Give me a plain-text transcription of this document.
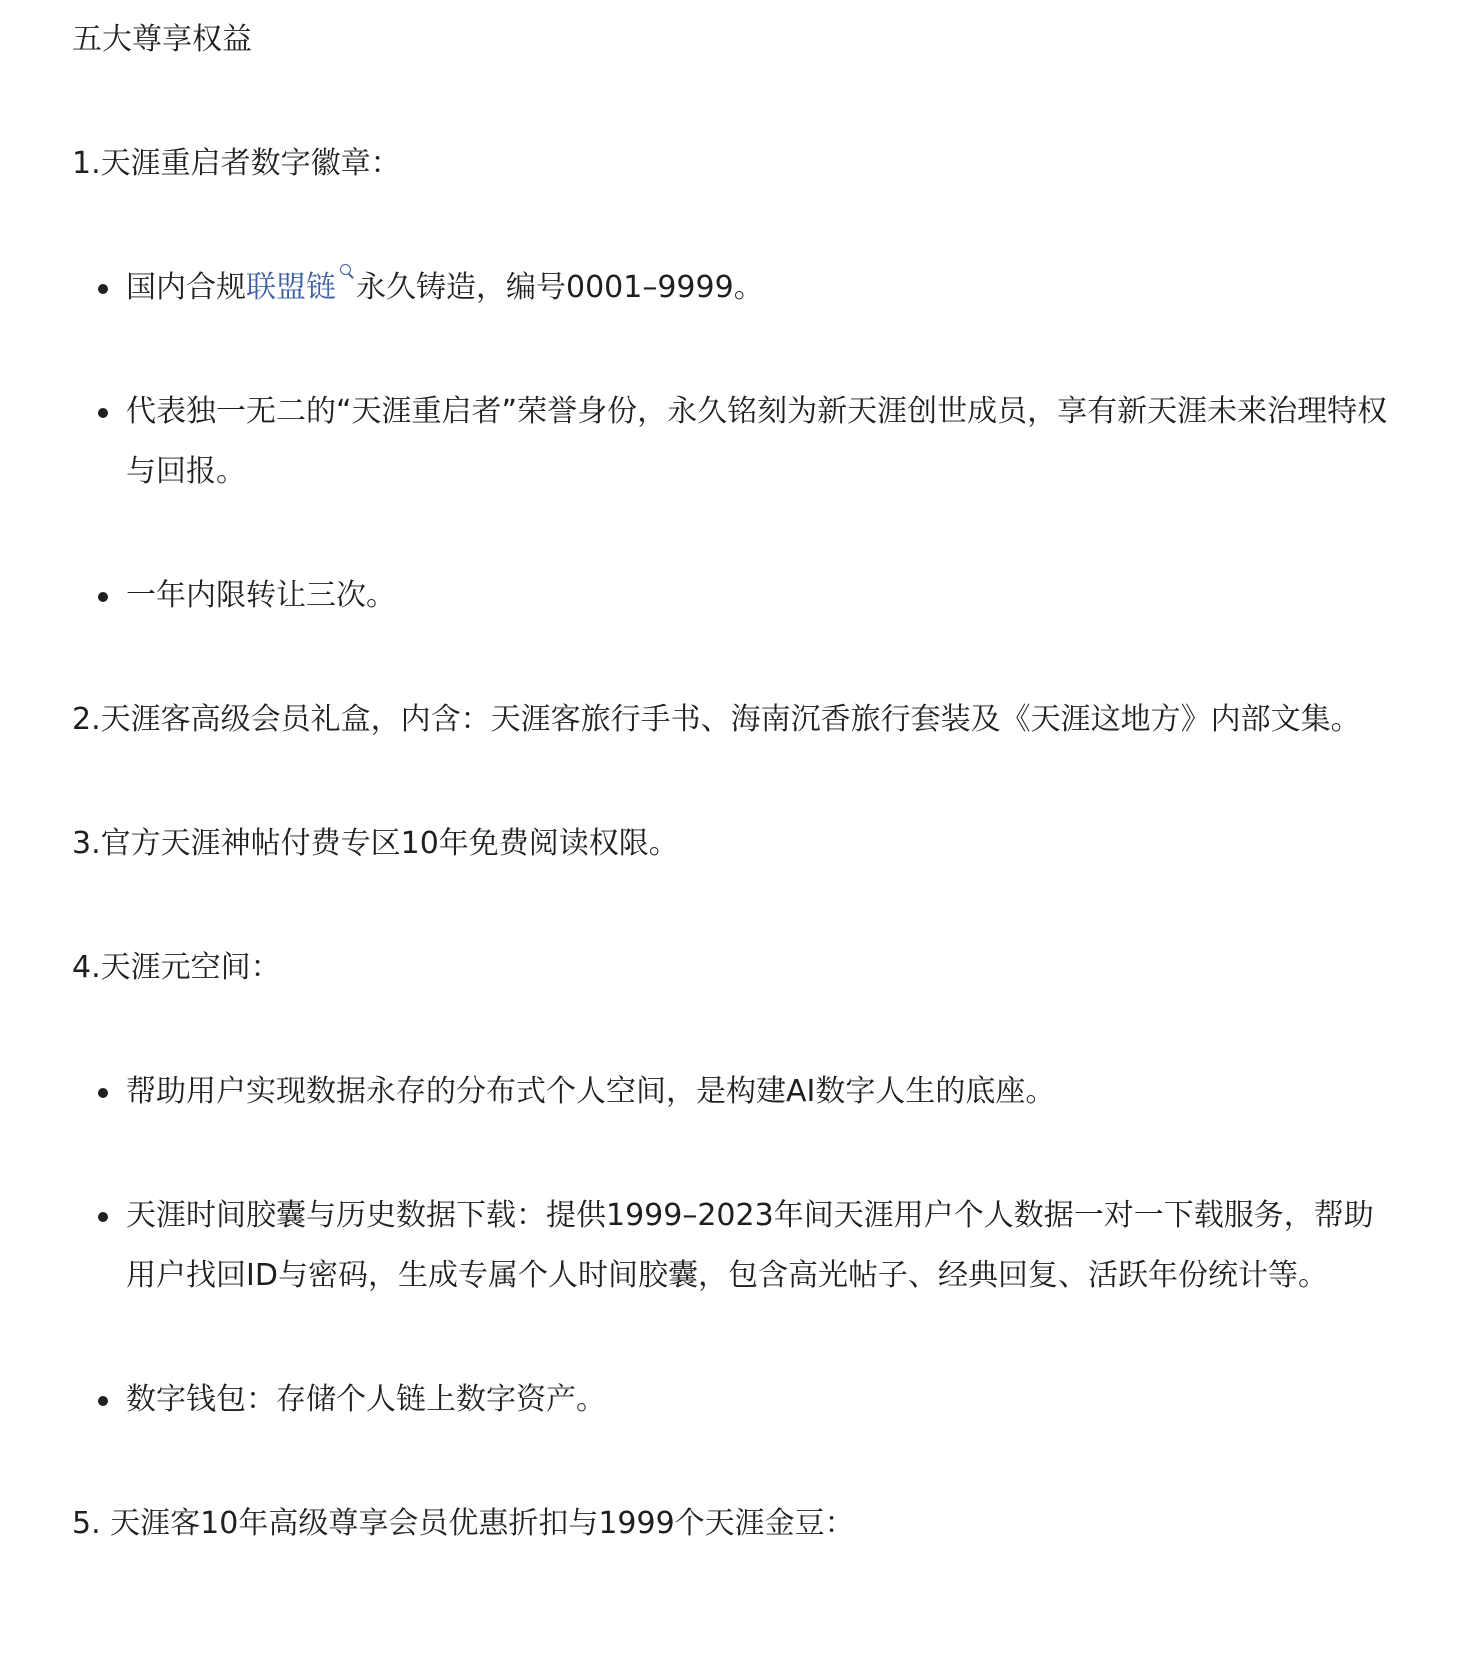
五大尊享权益
1.天涯重启者数字徽章：
国内合规联盟链 永久铸造，编号0001–9999。
代表独一无二的“天涯重启者”荣誉身份，永久铭刻为新天涯创世成员，享有新天涯未来治理特权与回报。
一年内限转让三次。
2.天涯客高级会员礼盒，内含：天涯客旅行手书、海南沉香旅行套装及《天涯这地方》内部文集。
3.官方天涯神帖付费专区10年免费阅读权限。
4.天涯元空间：
帮助用户实现数据永存的分布式个人空间，是构建AI数字人生的底座。
天涯时间胶囊与历史数据下载：提供1999–2023年间天涯用户个人数据一对一下载服务，帮助用户找回ID与密码，生成专属个人时间胶囊，包含高光帖子、经典回复、活跃年份统计等。
数字钱包：存储个人链上数字资产。
5. 天涯客10年高级尊享会员优惠折扣与1999个天涯金豆：
